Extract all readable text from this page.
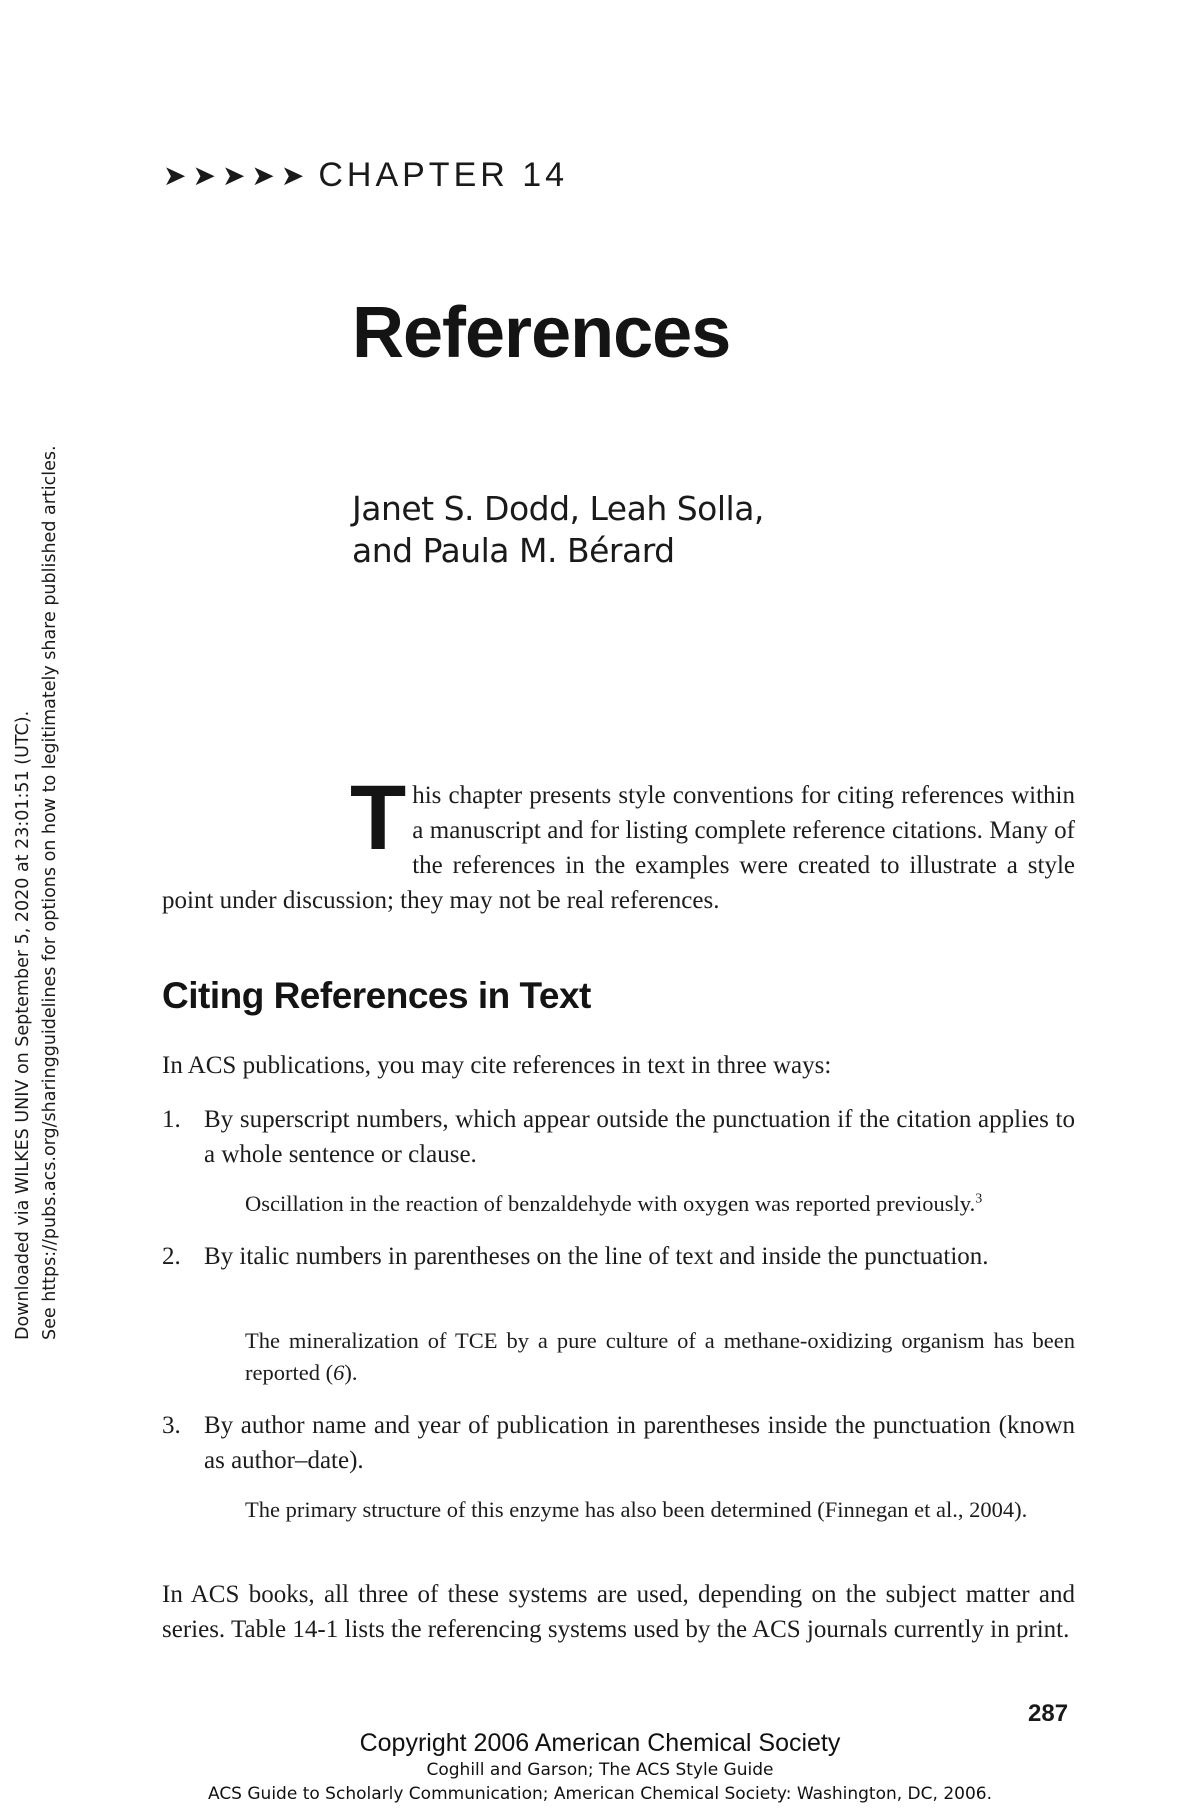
Downloaded via WILKES UNIV on September 5, 2020 at 23:01:51 (UTC). See https://pubs.acs.org/sharingguidelines for options on how to legitimately share published articles.
➤ ➤ ➤ ➤ ➤ CHAPTER 14
References
Janet S. Dodd, Leah Solla,
and Paula M. Bérard
This chapter presents style conventions for citing references within a manuscript and for listing complete reference citations. Many of the references in the examples were created to illustrate a style point under discussion; they may not be real references.
Citing References in Text
In ACS publications, you may cite references in text in three ways:
1. By superscript numbers, which appear outside the punctuation if the citation applies to a whole sentence or clause.
Oscillation in the reaction of benzaldehyde with oxygen was reported previously.$^3$
2. By italic numbers in parentheses on the line of text and inside the punctuation.
The mineralization of TCE by a pure culture of a methane-oxidizing organism has been reported (6).
3. By author name and year of publication in parentheses inside the punctuation (known as author–date).
The primary structure of this enzyme has also been determined (Finnegan et al., 2004).
In ACS books, all three of these systems are used, depending on the subject matter and series. Table 14-1 lists the referencing systems used by the ACS journals currently in print.
287
Copyright 2006 American Chemical Society
Coghill and Garson; The ACS Style Guide
ACS Guide to Scholarly Communication; American Chemical Society: Washington, DC, 2006.
